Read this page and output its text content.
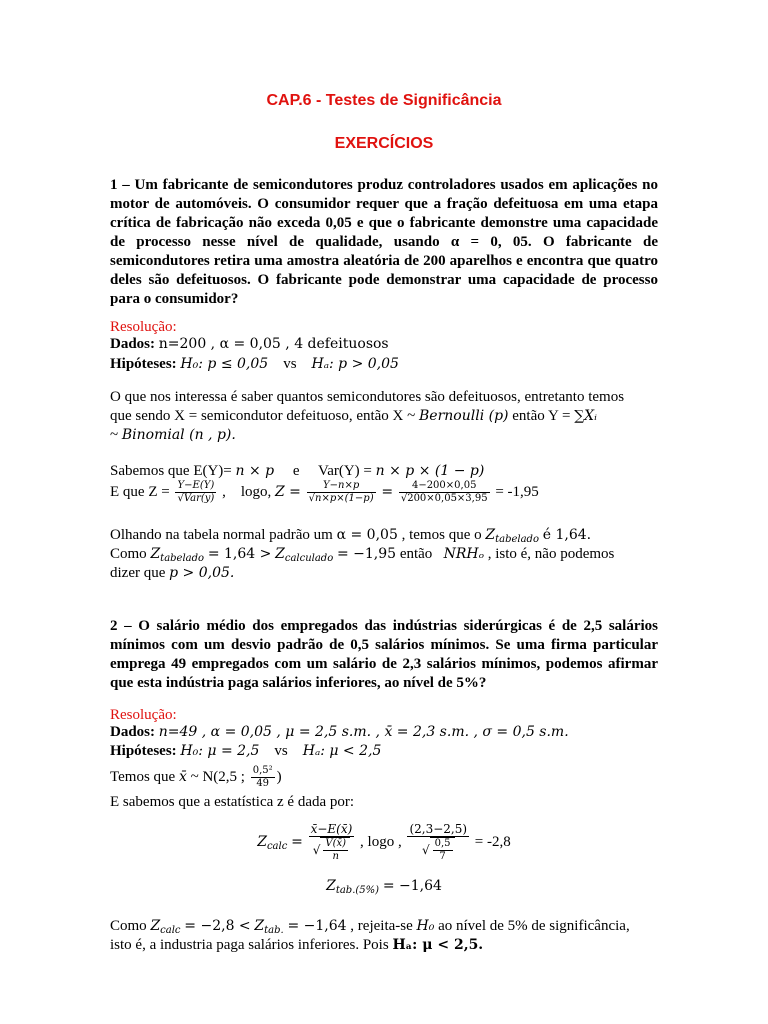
CAP.6 - Testes de Significância
EXERCÍCIOS
1 – Um fabricante de semicondutores produz controladores usados em aplicações no motor de automóveis. O consumidor requer que a fração defeituosa em uma etapa crítica de fabricação não exceda 0,05 e que o fabricante demonstre uma capacidade de processo nesse nível de qualidade, usando α = 0, 05. O fabricante de semicondutores retira uma amostra aleatória de 200 aparelhos e encontra que quatro deles são defeituosos. O fabricante pode demonstrar uma capacidade de processo para o consumidor?
Resolução:
Dados: n=200 , α = 0,05 , 4 defeituosos
Hipóteses: H₀: p ≤ 0,05 vs Hₐ: p > 0,05
O que nos interessa é saber quantos semicondutores são defeituosos, entretanto temos
que sendo X = semicondutor defeituoso, então X ~ Bernoulli (p) então Y = ∑Xᵢ
~ Binomial (n , p).
Sabemos que E(Y)= n × p e Var(Y) = n × p × (1 − p)
E que $Z = \frac{Y-E(Y)}{\text{√Var(y)}}$ , logo, $Z = \frac{Y-n\times p}{√n\times p\times(1-p)} = \frac{4-200\times 0,05}{√200\times 0,05\times 3,95} = -1,95$
Olhando na tabela normal padrão um α = 0,05 , temos que o $Z_{tabelado}$ é 1,64.
Como $Z_{tabelado} = 1,64 > Z_{calculado} = -1,95$ então NRHₒ , isto é, não podemos
dizer que p > 0,05.
2 – O salário médio dos empregados das indústrias siderúrgicas é de 2,5 salários mínimos com um desvio padrão de 0,5 salários mínimos. Se uma firma particular emprega 49 empregados com um salário de 2,3 salários mínimos, podemos afirmar que esta indústria paga salários inferiores, ao nível de 5%?
Resolução:
Dados: n=49 , α = 0,05 , μ = 2,5 s.m. , x̄ = 2,3 s.m. , σ = 0,5 s.m.
Hipóteses: H₀: μ = 2,5 vs Hₐ: μ < 2,5
Temos que x̄ ~ N(2,5 ; $\frac{\text{0,5²}}{49}$ )
E sabemos que a estatística z é dada por:
$Z_{calc} = \frac{x̄-E(x̄)}{√ \frac{V(x̄)}{n}}$ , logo , $\frac{(2,3-2,5)}{√ \frac{0,5}{7}} = -2,8$
$Z_{tab.(5\%)} = -1,64$
Como $Z_{calc} = -2,8 < Z_{tab.} = -1,64$ , rejeita-se H₀ ao nível de 5% de significância,
isto é, a industria paga salários inferiores. Pois Hₐ: μ < 2,5.
